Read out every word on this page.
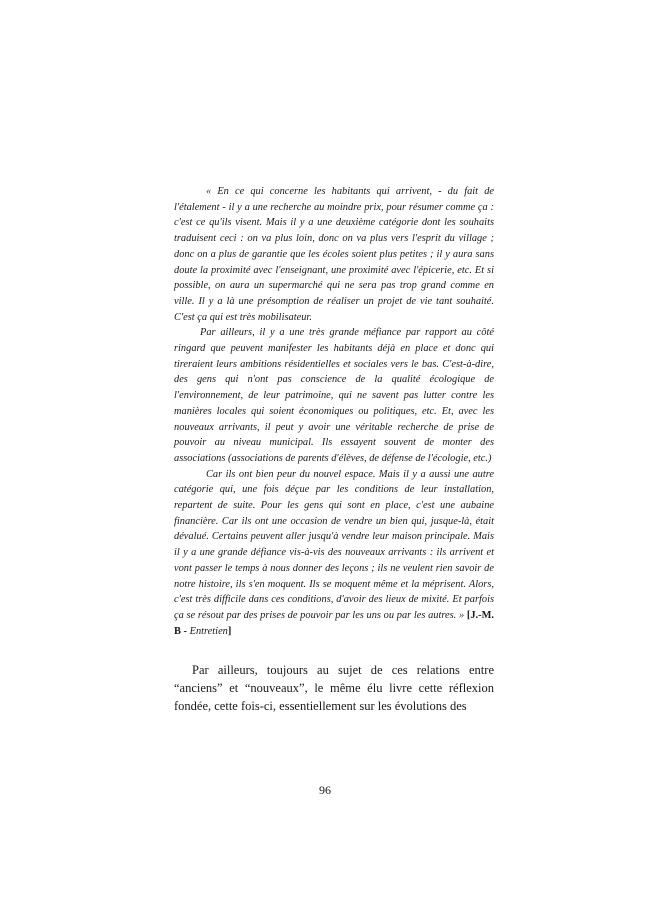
« En ce qui concerne les habitants qui arrivent, - du fait de l'étalement - il y a une recherche au moindre prix, pour résumer comme ça : c'est ce qu'ils visent. Mais il y a une deuxième catégorie dont les souhaits traduisent ceci : on va plus loin, donc on va plus vers l'esprit du village ; donc on a plus de garantie que les écoles soient plus petites ; il y aura sans doute la proximité avec l'enseignant, une proximité avec l'épicerie, etc. Et si possible, on aura un supermarché qui ne sera pas trop grand comme en ville. Il y a là une présomption de réaliser un projet de vie tant souhaité. C'est ça qui est très mobilisateur.

Par ailleurs, il y a une très grande méfiance par rapport au côté ringard que peuvent manifester les habitants déjà en place et donc qui tireraient leurs ambitions résidentielles et sociales vers le bas. C'est-à-dire, des gens qui n'ont pas conscience de la qualité écologique de l'environnement, de leur patrimoine, qui ne savent pas lutter contre les manières locales qui soient économiques ou politiques, etc. Et, avec les nouveaux arrivants, il peut y avoir une véritable recherche de prise de pouvoir au niveau municipal. Ils essayent souvent de monter des associations (associations de parents d'élèves, de défense de l'écologie, etc.)

Car ils ont bien peur du nouvel espace. Mais il y a aussi une autre catégorie qui, une fois déçue par les conditions de leur installation, repartent de suite. Pour les gens qui sont en place, c'est une aubaine financière. Car ils ont une occasion de vendre un bien qui, jusque-là, était dévalué. Certains peuvent aller jusqu'à vendre leur maison principale. Mais il y a une grande défiance vis-à-vis des nouveaux arrivants : ils arrivent et vont passer le temps à nous donner des leçons ; ils ne veulent rien savoir de notre histoire, ils s'en moquent. Ils se moquent même et la méprisent. Alors, c'est très difficile dans ces conditions, d'avoir des lieux de mixité. Et parfois ça se résout par des prises de pouvoir par les uns ou par les autres. » [J.-M. B - Entretien]

Par ailleurs, toujours au sujet de ces relations entre “anciens” et “nouveaux”, le même élu livre cette réflexion fondée, cette fois-ci, essentiellement sur les évolutions des

96
